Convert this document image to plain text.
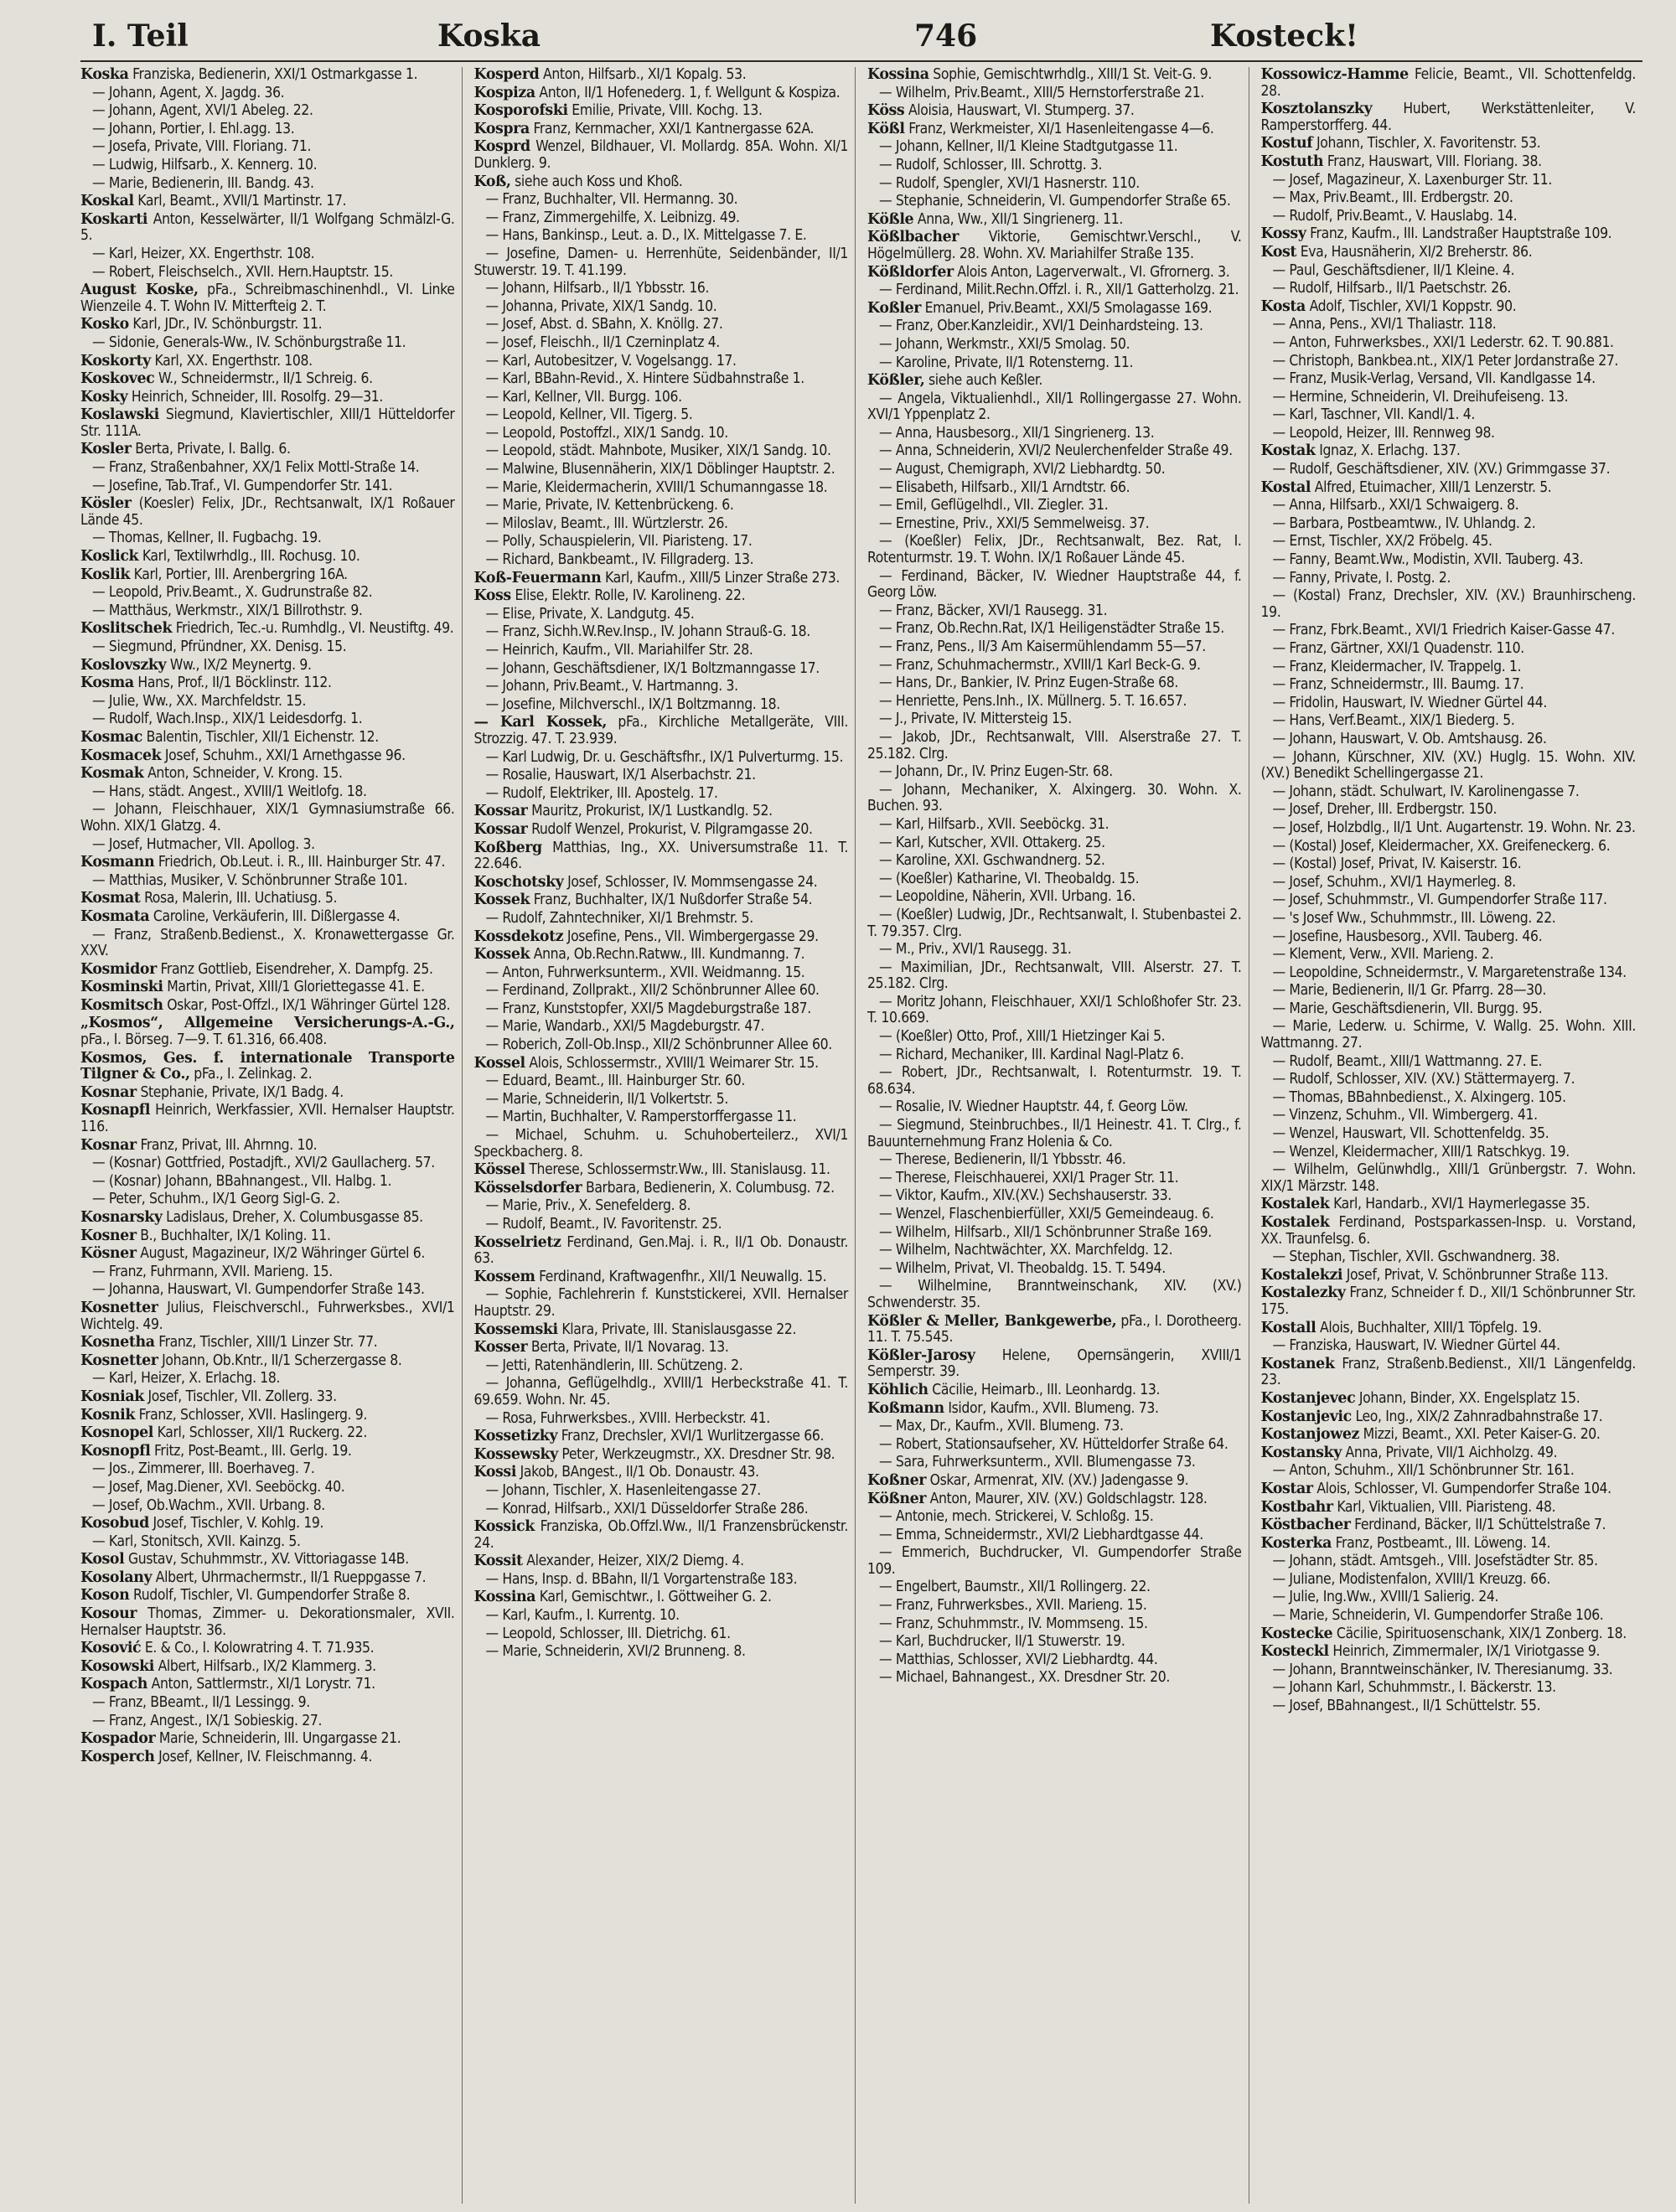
I. Teil	Koska	746	Kosteck!
Koska Franziska, Bedienerin, XXI/1 Ostmarkgasse 1.
— Johann, Agent, X. Jagdg. 36.
— Johann, Agent, XVI/1 Abeleg. 22.
— Johann, Portier, I. Ehl.agg. 13.
— Josefa, Private, VIII. Floriang. 71.
— Ludwig, Hilfsarb., X. Kennerg. 10.
— Marie, Bedienerin, III. Bandg. 43.
Koskal Karl, Beamt., XVII/1 Martinstr. 17.
Koskarti Anton, Kesselwärter, II/1 Wolfgang Schmälzl-G. 5.
— Karl, Heizer, XX. Engerthstr. 108.
— Robert, Fleischselch., XVII. Hern.Hauptstr. 15.
August Koske, pFa., Schreibmaschinenhdl., VI. Linke Wienzeile 4. T. Wohn IV. Mitterfteig 2. T.
Kosko Karl, JDr., IV. Schönburgstr. 11.
— Sidonie, Generals-Ww., IV. Schönburgstraße 11.
Koskorty Karl, XX. Engerthstr. 108.
Koskovec W., Schneidermstr., II/1 Schreig. 6.
Kosky Heinrich, Schneider, III. Rosolfg. 29—31.
Koslawski Siegmund, Klaviertischler, XIII/1 Hütteldorfer Str. 111A.
Kosler Berta, Private, I. Ballg. 6.
— Franz, Straßenbahner, XX/1 Felix Mottl-Straße 14.
— Josefine, Tab.Traf., VI. Gumpendorfer Str. 141.
Kösler (Koesler) Felix, JDr., Rechtsanwalt, IX/1 Roßauer Lände 45.
— Thomas, Kellner, II. Fugbachg. 19.
Koslick Karl, Textilwrhdlg., III. Rochusg. 10.
Koslik Karl, Portier, III. Arenbergring 16A.
— Leopold, Priv.Beamt., X. Gudrunstraße 82.
— Matthäus, Werkmstr., XIX/1 Billrothstr. 9.
Koslitschek Friedrich, Tec.-u. Rumhdlg., VI. Neustiftg. 49.
— Siegmund, Pfründner, XX. Denisg. 15.
Koslovszky Ww., IX/2 Meynertg. 9.
Kosma Hans, Prof., II/1 Böcklinstr. 112.
— Julie, Ww., XX. Marchfeldstr. 15.
— Rudolf, Wach.Insp., XIX/1 Leidesdorfg. 1.
Kosmac Balentin, Tischler, XII/1 Eichenstr. 12.
Kosmacek Josef, Schuhm., XXI/1 Arnethgasse 96.
Kosmak Anton, Schneider, V. Krong. 15.
— Hans, städt. Angest., XVIII/1 Weitlofg. 18.
— Johann, Fleischhauer, XIX/1 Gymnasiumstraße 66. Wohn. XIX/1 Glatzg. 4.
— Josef, Hutmacher, VII. Apollog. 3.
Kosmann Friedrich, Ob.Leut. i. R., III. Hainburger Str. 47.
— Matthias, Musiker, V. Schönbrunner Straße 101.
Kosmat Rosa, Malerin, III. Uchatiusg. 5.
Kosmata Caroline, Verkäuferin, III. Dißlergasse 4.
— Franz, Straßenb.Bedienst., X. Kronawettergasse Gr. XXV.
Kosmidor Franz Gottlieb, Eisendreher, X. Dampfg. 25.
Kosminski Martin, Privat, XIII/1 Gloriettegasse 41. E.
Kosmitsch Oskar, Post-Offzl., IX/1 Währinger Gürtel 128.
„Kosmos“, Allgemeine Versicherungs-A.-G., pFa., I. Börseg. 7—9. T. 61.316, 66.408.
Kosmos, Ges. f. internationale Transporte Tilgner & Co., pFa., I. Zelinkag. 2.
Kosnar Stephanie, Private, IX/1 Badg. 4.
Kosnapfl Heinrich, Werkfassier, XVII. Hernalser Hauptstr. 116.
Kosnar Franz, Privat, III. Ahrnng. 10.
— (Kosnar) Gottfried, Postadjft., XVI/2 Gaullacherg. 57.
— (Kosnar) Johann, BBahnangest., VII. Halbg. 1.
— Peter, Schuhm., IX/1 Georg Sigl-G. 2.
Kosnarsky Ladislaus, Dreher, X. Columbusgasse 85.
Kosner B., Buchhalter, IX/1 Koling. 11.
Kösner August, Magazineur, IX/2 Währinger Gürtel 6.
— Franz, Fuhrmann, XVII. Marieng. 15.
— Johanna, Hauswart, VI. Gumpendorfer Straße 143.
Kosnetter Julius, Fleischverschl., Fuhrwerksbes., XVI/1 Wichtelg. 49.
Kosnetha Franz, Tischler, XIII/1 Linzer Str. 77.
Kosnetter Johann, Ob.Kntr., II/1 Scherzergasse 8.
— Karl, Heizer, X. Erlachg. 18.
Kosniak Josef, Tischler, VII. Zollerg. 33.
Kosnik Franz, Schlosser, XVII. Haslingerg. 9.
Kosnopel Karl, Schlosser, XII/1 Ruckerg. 22.
Kosnopfl Fritz, Post-Beamt., III. Gerlg. 19.
— Jos., Zimmerer, III. Boerhaveg. 7.
— Josef, Mag.Diener, XVI. Seeböckg. 40.
— Josef, Ob.Wachm., XVII. Urbang. 8.
Kosobud Josef, Tischler, V. Kohlg. 19.
— Karl, Stonitsch, XVII. Kainzg. 5.
Kosol Gustav, Schuhmmstr., XV. Vittoriagasse 14B.
Kosolany Albert, Uhrmachermstr., II/1 Rueppgasse 7.
Koson Rudolf, Tischler, VI. Gumpendorfer Straße 8.
Kosour Thomas, Zimmer- u. Dekorationsmaler, XVII. Hernalser Hauptstr. 36.
Kosović E. & Co., I. Kolowratring 4. T. 71.935.
Kosowski Albert, Hilfsarb., IX/2 Klammerg. 3.
Kospach Anton, Sattlermstr., XI/1 Lorystr. 71.
— Franz, BBeamt., II/1 Lessingg. 9.
— Franz, Angest., IX/1 Sobieskig. 27.
Kospador Marie, Schneiderin, III. Ungargasse 21.
Kosperch Josef, Kellner, IV. Fleischmanng. 4.
Kosperd Anton, Hilfsarb., XI/1 Kopalg. 53.
Kospiza Anton, II/1 Hofenederg. 1, f. Wellgunt & Kospiza.
Kosporofski Emilie, Private, VIII. Kochg. 13.
Kospra Franz, Kernmacher, XXI/1 Kantnergasse 62A.
Kosprd Wenzel, Bildhauer, VI. Mollardg. 85A. Wohn. XI/1 Dunklerg. 9.
Koß, siehe auch Koss und Khoß.
— Franz, Buchhalter, VII. Hermanng. 30.
— Franz, Zimmergehilfe, X. Leibnizg. 49.
— Hans, Bankinsp., Leut. a. D., IX. Mittelgasse 7. E.
— Josefine, Damen- u. Herrenhüte, Seidenbänder, II/1 Stuwerstr. 19. T. 41.199.
— Johann, Hilfsarb., II/1 Ybbsstr. 16.
— Johanna, Private, XIX/1 Sandg. 10.
— Josef, Abst. d. SBahn, X. Knöllg. 27.
— Josef, Fleischh., II/1 Czerninplatz 4.
— Karl, Autobesitzer, V. Vogelsangg. 17.
— Karl, BBahn-Revid., X. Hintere Südbahnstraße 1.
— Karl, Kellner, VII. Burgg. 106.
— Leopold, Kellner, VII. Tigerg. 5.
— Leopold, Postoffzl., XIX/1 Sandg. 10.
— Leopold, städt. Mahnbote, Musiker, XIX/1 Sandg. 10.
— Malwine, Blusennäherin, XIX/1 Döblinger Hauptstr. 2.
— Marie, Kleidermacherin, XVIII/1 Schumanngasse 18.
— Marie, Private, IV. Kettenbrückeng. 6.
— Miloslav, Beamt., III. Würtzlerstr. 26.
— Polly, Schauspielerin, VII. Piaristeng. 17.
— Richard, Bankbeamt., IV. Fillgraderg. 13.
Koß-Feuermann Karl, Kaufm., XIII/5 Linzer Straße 273.
Koss Elise, Elektr. Rolle, IV. Karolineng. 22.
— Elise, Private, X. Landgutg. 45.
— Franz, Sichh.W.Rev.Insp., IV. Johann Strauß-G. 18.
— Heinrich, Kaufm., VII. Mariahilfer Str. 28.
— Johann, Geschäftsdiener, IX/1 Boltzmanngasse 17.
— Johann, Priv.Beamt., V. Hartmanng. 3.
— Josefine, Milchverschl., IX/1 Boltzmanng. 18.
— Karl Kossek, pFa., Kirchliche Metallgeräte, VIII. Strozzig. 47. T. 23.939.
— Karl Ludwig, Dr. u. Geschäftsfhr., IX/1 Pulverturmg. 15.
— Rosalie, Hauswart, IX/1 Alserbachstr. 21.
— Rudolf, Elektriker, III. Apostelg. 17.
Kossar Mauritz, Prokurist, IX/1 Lustkandlg. 52.
Kossar Rudolf Wenzel, Prokurist, V. Pilgramgasse 20.
Koßberg Matthias, Ing., XX. Universumstraße 11. T. 22.646.
Koschotsky Josef, Schlosser, IV. Mommsengasse 24.
Kossek Franz, Buchhalter, IX/1 Nußdorfer Straße 54.
— Rudolf, Zahntechniker, XI/1 Brehmstr. 5.
Kossdekotz Josefine, Pens., VII. Wimbergergasse 29.
Kossek Anna, Ob.Rechn.Ratww., III. Kundmanng. 7.
— Anton, Fuhrwerksunterm., XVII. Weidmanng. 15.
— Ferdinand, Zollprakt., XII/2 Schönbrunner Allee 60.
— Franz, Kunststopfer, XXI/5 Magdeburgstraße 187.
— Marie, Wandarb., XXI/5 Magdeburgstr. 47.
— Roberich, Zoll-Ob.Insp., XII/2 Schönbrunner Allee 60.
Kossel Alois, Schlossermstr., XVIII/1 Weimarer Str. 15.
— Eduard, Beamt., III. Hainburger Str. 60.
— Marie, Schneiderin, II/1 Volkertstr. 5.
— Martin, Buchhalter, V. Ramperstorffergasse 11.
— Michael, Schuhm. u. Schuhoberteilerz., XVI/1 Speckbacherg. 8.
Kössel Therese, Schlossermstr.Ww., III. Stanislausg. 11.
Kösselsdorfer Barbara, Bedienerin, X. Columbusg. 72.
— Marie, Priv., X. Senefelderg. 8.
— Rudolf, Beamt., IV. Favoritenstr. 25.
Kosselrietz Ferdinand, Gen.Maj. i. R., II/1 Ob. Donaustr. 63.
Kossem Ferdinand, Kraftwagenfhr., XII/1 Neuwallg. 15.
— Sophie, Fachlehrerin f. Kunststickerei, XVII. Hernalser Hauptstr. 29.
Kossemski Klara, Private, III. Stanislausgasse 22.
Kosser Berta, Private, II/1 Novarag. 13.
— Jetti, Ratenhändlerin, III. Schützeng. 2.
— Johanna, Geflügelhdlg., XVIII/1 Herbeckstraße 41. T. 69.659. Wohn. Nr. 45.
— Rosa, Fuhrwerksbes., XVIII. Herbeckstr. 41.
Kossetizky Franz, Drechsler, XVI/1 Wurlitzergasse 66.
Kossewsky Peter, Werkzeugmstr., XX. Dresdner Str. 98.
Kossi Jakob, BAngest., II/1 Ob. Donaustr. 43.
— Johann, Tischler, X. Hasenleitengasse 27.
— Konrad, Hilfsarb., XXI/1 Düsseldorfer Straße 286.
Kossick Franziska, Ob.Offzl.Ww., II/1 Franzensbrückenstr. 24.
Kossit Alexander, Heizer, XIX/2 Diemg. 4.
— Hans, Insp. d. BBahn, II/1 Vorgartenstraße 183.
Kossina Karl, Gemischtwr., I. Göttweiher G. 2.
— Karl, Kaufm., I. Kurrentg. 10.
— Leopold, Schlosser, III. Dietrichg. 61.
— Marie, Schneiderin, XVI/2 Brunneng. 8.
Kossina Sophie, Gemischtwrhdlg., XIII/1 St. Veit-G. 9.
— Wilhelm, Priv.Beamt., XIII/5 Hernstorferstraße 21.
Köss Aloisia, Hauswart, VI. Stumperg. 37.
Kößl Franz, Werkmeister, XI/1 Hasenleitengasse 4—6.
— Johann, Kellner, II/1 Kleine Stadtgutgasse 11.
— Rudolf, Schlosser, III. Schrottg. 3.
— Rudolf, Spengler, XVI/1 Hasnerstr. 110.
— Stephanie, Schneiderin, VI. Gumpendorfer Straße 65.
Kößle Anna, Ww., XII/1 Singrienerg. 11.
Kößlbacher Viktorie, Gemischtwr.Verschl., V. Högelmüllerg. 28. Wohn. XV. Mariahilfer Straße 135.
Kößldorfer Alois Anton, Lagerverwalt., VI. Gfrornerg. 3.
— Ferdinand, Milit.Rechn.Offzl. i. R., XII/1 Gatterholzg. 21.
Koßler Emanuel, Priv.Beamt., XXI/5 Smolagasse 169.
— Franz, Ober.Kanzleidir., XVI/1 Deinhardsteing. 13.
— Johann, Werkmstr., XXI/5 Smolag. 50.
— Karoline, Private, II/1 Rotensterng. 11.
Kößler, siehe auch Keßler.
— Angela, Viktualienhdl., XII/1 Rollingergasse 27. Wohn. XVI/1 Yppenplatz 2.
— Anna, Hausbesorg., XII/1 Singrienerg. 13.
— Anna, Schneiderin, XVI/2 Neulerchenfelder Straße 49.
— August, Chemigraph, XVI/2 Liebhardtg. 50.
— Elisabeth, Hilfsarb., XII/1 Arndtstr. 66.
— Emil, Geflügelhdl., VII. Ziegler. 31.
— Ernestine, Priv., XXI/5 Semmelweisg. 37.
— (Koeßler) Felix, JDr., Rechtsanwalt, Bez. Rat, I. Rotenturmstr. 19. T. Wohn. IX/1 Roßauer Lände 45.
— Ferdinand, Bäcker, IV. Wiedner Hauptstraße 44, f. Georg Löw.
— Franz, Bäcker, XVI/1 Rausegg. 31.
— Franz, Ob.Rechn.Rat, IX/1 Heiligenstädter Straße 15.
— Franz, Pens., II/3 Am Kaisermühlendamm 55—57.
— Franz, Schuhmachermstr., XVIII/1 Karl Beck-G. 9.
— Hans, Dr., Bankier, IV. Prinz Eugen-Straße 68.
— Henriette, Pens.Inh., IX. Müllnerg. 5. T. 16.657.
— J., Private, IV. Mittersteig 15.
— Jakob, JDr., Rechtsanwalt, VIII. Alserstraße 27. T. 25.182. Clrg.
— Johann, Dr., IV. Prinz Eugen-Str. 68.
— Johann, Mechaniker, X. Alxingerg. 30. Wohn. X. Buchen. 93.
— Karl, Hilfsarb., XVII. Seeböckg. 31.
— Karl, Kutscher, XVII. Ottakerg. 25.
— Karoline, XXI. Gschwandnerg. 52.
— (Koeßler) Katharine, VI. Theobaldg. 15.
— Leopoldine, Näherin, XVII. Urbang. 16.
— (Koeßler) Ludwig, JDr., Rechtsanwalt, I. Stubenbastei 2. T. 79.357. Clrg.
— M., Priv., XVI/1 Rausegg. 31.
— Maximilian, JDr., Rechtsanwalt, VIII. Alserstr. 27. T. 25.182. Clrg.
— Moritz Johann, Fleischhauer, XXI/1 Schloßhofer Str. 23. T. 10.669.
— (Koeßler) Otto, Prof., XIII/1 Hietzinger Kai 5.
— Richard, Mechaniker, III. Kardinal Nagl-Platz 6.
— Robert, JDr., Rechtsanwalt, I. Rotenturmstr. 19. T. 68.634.
— Rosalie, IV. Wiedner Hauptstr. 44, f. Georg Löw.
— Siegmund, Steinbruchbes., II/1 Heinestr. 41. T. Clrg., f. Bauunternehmung Franz Holenia & Co.
— Therese, Bedienerin, II/1 Ybbsstr. 46.
— Therese, Fleischhauerei, XXI/1 Prager Str. 11.
— Viktor, Kaufm., XIV.(XV.) Sechshauserstr. 33.
— Wenzel, Flaschenbierfüller, XXI/5 Gemeindeaug. 6.
— Wilhelm, Hilfsarb., XII/1 Schönbrunner Straße 169.
— Wilhelm, Nachtwächter, XX. Marchfeldg. 12.
— Wilhelm, Privat, VI. Theobaldg. 15. T. 5494.
— Wilhelmine, Branntweinschank, XIV. (XV.) Schwenderstr. 35.
Kößler & Meller, Bankgewerbe, pFa., I. Dorotheerg. 11. T. 75.545.
Kößler-Jarosy Helene, Opernsängerin, XVIII/1 Semperstr. 39.
Köhlich Cäcilie, Heimarb., III. Leonhardg. 13.
Koßmann Isidor, Kaufm., XVII. Blumeng. 73.
— Max, Dr., Kaufm., XVII. Blumeng. 73.
— Robert, Stationsaufseher, XV. Hütteldorfer Straße 64.
— Sara, Fuhrwerksunterm., XVII. Blumengasse 73.
Koßner Oskar, Armenrat, XIV. (XV.) Jadengasse 9.
Kößner Anton, Maurer, XIV. (XV.) Goldschlagstr. 128.
— Antonie, mech. Strickerei, V. Schloßg. 15.
— Emma, Schneidermstr., XVI/2 Liebhardtgasse 44.
— Emmerich, Buchdrucker, VI. Gumpendorfer Straße 109.
— Engelbert, Baumstr., XII/1 Rollingerg. 22.
— Franz, Fuhrwerksbes., XVII. Marieng. 15.
— Franz, Schuhmmstr., IV. Mommseng. 15.
— Karl, Buchdrucker, II/1 Stuwerstr. 19.
— Matthias, Schlosser, XVI/2 Liebhardtg. 44.
— Michael, Bahnangest., XX. Dresdner Str. 20.
Kossowicz-Hamme Felicie, Beamt., VII. Schottenfeldg. 28.
Kosztolanszky Hubert, Werkstättenleiter, V. Ramperstorfferg. 44.
Kostuf Johann, Tischler, X. Favoritenstr. 53.
Kostuth Franz, Hauswart, VIII. Floriang. 38.
— Josef, Magazineur, X. Laxenburger Str. 11.
— Max, Priv.Beamt., III. Erdbergstr. 20.
— Rudolf, Priv.Beamt., V. Hauslabg. 14.
Kossy Franz, Kaufm., III. Landstraßer Hauptstraße 109.
Kost Eva, Hausnäherin, XI/2 Breherstr. 86.
— Paul, Geschäftsdiener, II/1 Kleine. 4.
— Rudolf, Hilfsarb., II/1 Paetschstr. 26.
Kosta Adolf, Tischler, XVI/1 Koppstr. 90.
— Anna, Pens., XVI/1 Thaliastr. 118.
— Anton, Fuhrwerksbes., XXI/1 Lederstr. 62. T. 90.881.
— Christoph, Bankbea.nt., XIX/1 Peter Jordanstraße 27.
— Franz, Musik-Verlag, Versand, VII. Kandlgasse 14.
— Hermine, Schneiderin, VI. Dreihufeiseng. 13.
— Karl, Taschner, VII. Kandl/1. 4.
— Leopold, Heizer, III. Rennweg 98.
Kostak Ignaz, X. Erlachg. 137.
— Rudolf, Geschäftsdiener, XIV. (XV.) Grimmgasse 37.
Kostal Alfred, Etuimacher, XIII/1 Lenzerstr. 5.
— Anna, Hilfsarb., XXI/1 Schwaigerg. 8.
— Barbara, Postbeamtww., IV. Uhlandg. 2.
— Ernst, Tischler, XX/2 Fröbelg. 45.
— Fanny, Beamt.Ww., Modistin, XVII. Tauberg. 43.
— Fanny, Private, I. Postg. 2.
— (Kostal) Franz, Drechsler, XIV. (XV.) Braunhirscheng. 19.
— Franz, Fbrk.Beamt., XVI/1 Friedrich Kaiser-Gasse 47.
— Franz, Gärtner, XXI/1 Quadenstr. 110.
— Franz, Kleidermacher, IV. Trappelg. 1.
— Franz, Schneidermstr., III. Baumg. 17.
— Fridolin, Hauswart, IV. Wiedner Gürtel 44.
— Hans, Verf.Beamt., XIX/1 Biederg. 5.
— Johann, Hauswart, V. Ob. Amtshausg. 26.
— Johann, Kürschner, XIV. (XV.) Huglg. 15. Wohn. XIV. (XV.) Benedikt Schellingergasse 21.
— Johann, städt. Schulwart, IV. Karolinengasse 7.
— Josef, Dreher, III. Erdbergstr. 150.
— Josef, Holzbdlg., II/1 Unt. Augartenstr. 19. Wohn. Nr. 23.
— (Kostal) Josef, Kleidermacher, XX. Greifeneckerg. 6.
— (Kostal) Josef, Privat, IV. Kaiserstr. 16.
— Josef, Schuhm., XVI/1 Haymerleg. 8.
— Josef, Schuhmmstr., VI. Gumpendorfer Straße 117.
— 's Josef Ww., Schuhmmstr., III. Löweng. 22.
— Josefine, Hausbesorg., XVII. Tauberg. 46.
— Klement, Verw., XVII. Marieng. 2.
— Leopoldine, Schneidermstr., V. Margaretenstraße 134.
— Marie, Bedienerin, II/1 Gr. Pfarrg. 28—30.
— Marie, Geschäftsdienerin, VII. Burgg. 95.
— Marie, Lederw. u. Schirme, V. Wallg. 25. Wohn. XIII. Wattmanng. 27.
— Rudolf, Beamt., XIII/1 Wattmanng. 27. E.
— Rudolf, Schlosser, XIV. (XV.) Stättermayerg. 7.
— Thomas, BBahnbedienst., X. Alxingerg. 105.
— Vinzenz, Schuhm., VII. Wimbergerg. 41.
— Wenzel, Hauswart, VII. Schottenfeldg. 35.
— Wenzel, Kleidermacher, XIII/1 Ratschkyg. 19.
— Wilhelm, Gelünwhdlg., XIII/1 Grünbergstr. 7. Wohn. XIX/1 Märzstr. 148.
Kostalek Karl, Handarb., XVI/1 Haymerlegasse 35.
Kostalek Ferdinand, Postsparkassen-Insp. u. Vorstand, XX. Traunfelsg. 6.
— Stephan, Tischler, XVII. Gschwandnerg. 38.
Kostalekzi Josef, Privat, V. Schönbrunner Straße 113.
Kostalezky Franz, Schneider f. D., XII/1 Schönbrunner Str. 175.
Kostall Alois, Buchhalter, XIII/1 Töpfelg. 19.
— Franziska, Hauswart, IV. Wiedner Gürtel 44.
Kostanek Franz, Straßenb.Bedienst., XII/1 Längenfeldg. 23.
Kostanjevec Johann, Binder, XX. Engelsplatz 15.
Kostanjevic Leo, Ing., XIX/2 Zahnradbahnstraße 17.
Kostanjowez Mizzi, Beamt., XXI. Peter Kaiser-G. 20.
Kostansky Anna, Private, VII/1 Aichholzg. 49.
— Anton, Schuhm., XII/1 Schönbrunner Str. 161.
Kostar Alois, Schlosser, VI. Gumpendorfer Straße 104.
Kostbahr Karl, Viktualien, VIII. Piaristeng. 48.
Köstbacher Ferdinand, Bäcker, II/1 Schüttelstraße 7.
Kosterka Franz, Postbeamt., III. Löweng. 14.
— Johann, städt. Amtsgeh., VIII. Josefstädter Str. 85.
— Juliane, Modistenfalon, XVIII/1 Kreuzg. 66.
— Julie, Ing.Ww., XVIII/1 Salierig. 24.
— Marie, Schneiderin, VI. Gumpendorfer Straße 106.
Kostecke Cäcilie, Spirituosenschank, XIX/1 Zonberg. 18.
Kosteckl Heinrich, Zimmermaler, IX/1 Viriotgasse 9.
— Johann, Branntweinschänker, IV. Theresianumg. 33.
— Johann Karl, Schuhmmstr., I. Bäckerstr. 13.
— Josef, BBahnangest., II/1 Schüttelstr. 55.
